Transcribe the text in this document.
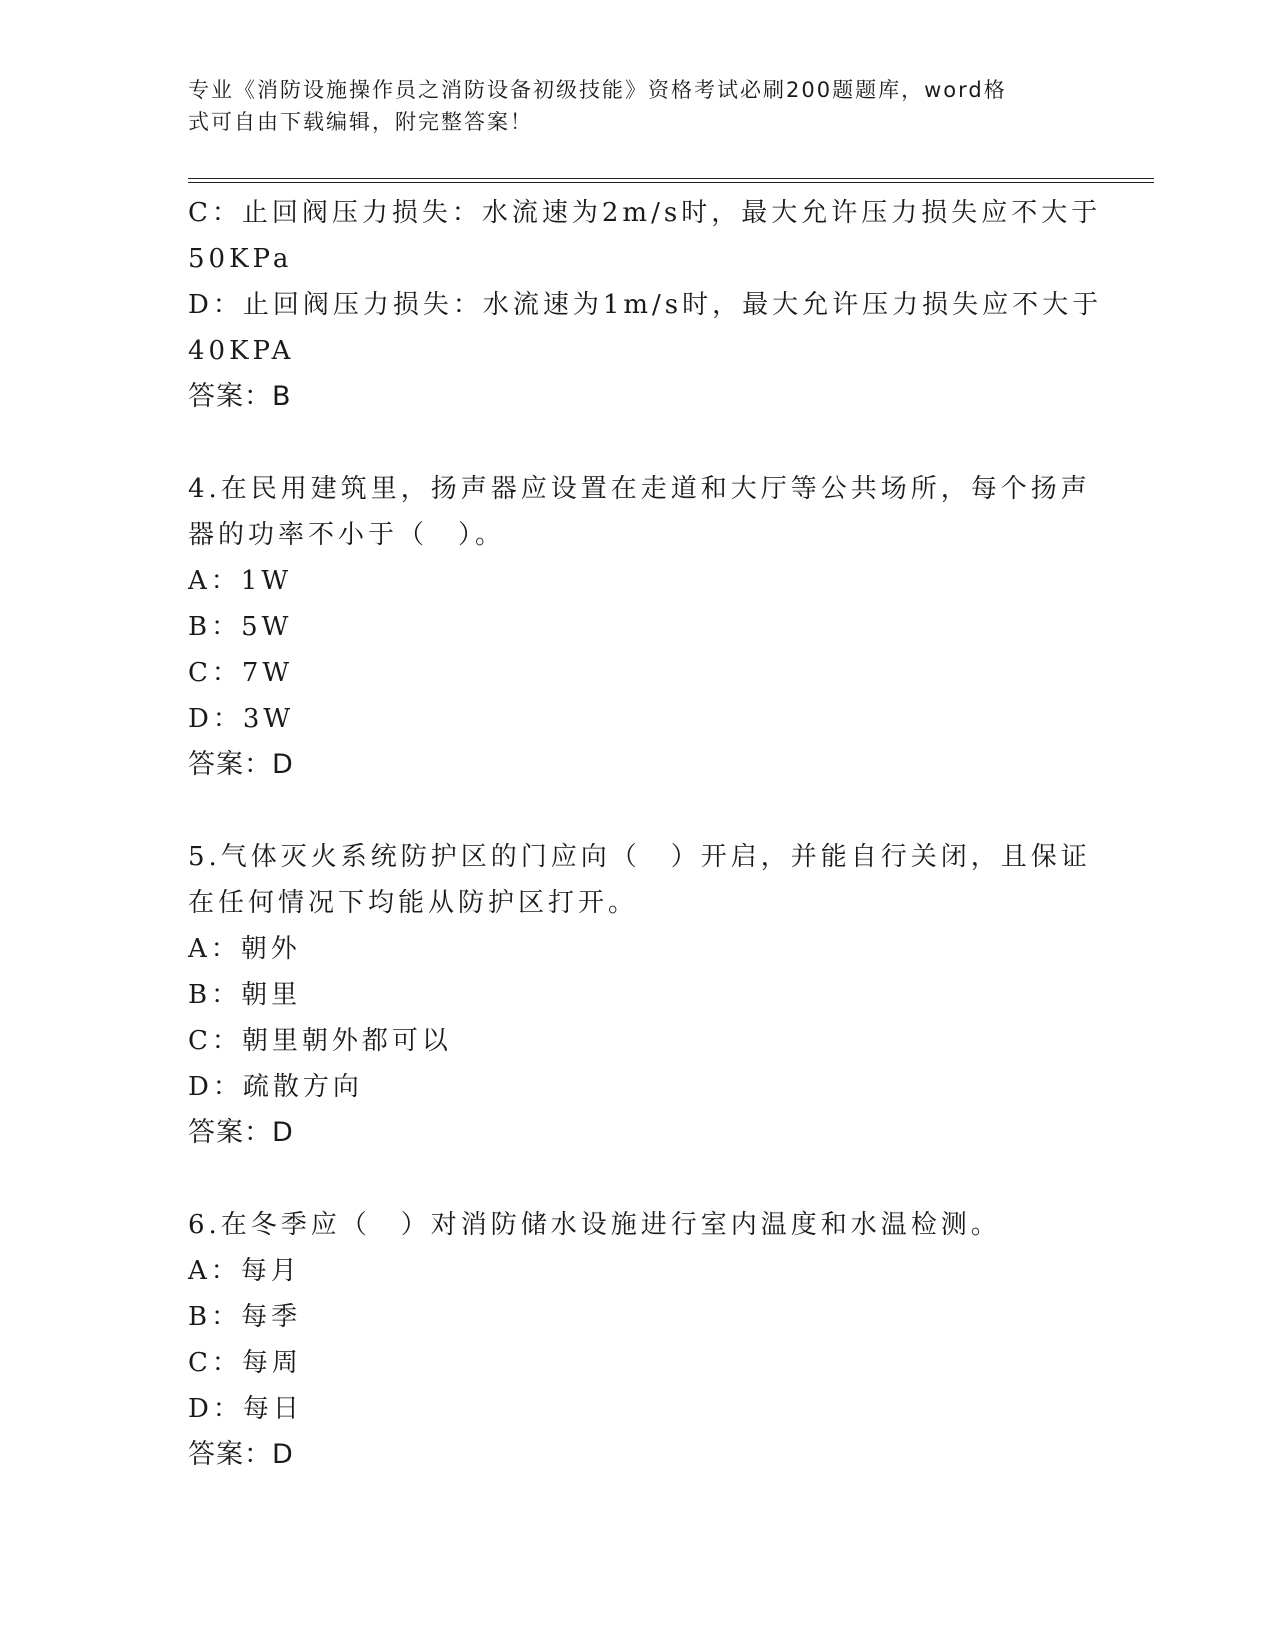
专业《消防设施操作员之消防设备初级技能》资格考试必刷200题题库，word格
式可自由下载编辑，附完整答案！
C：止回阀压力损失：水流速为2m/s时，最大允许压力损失应不大于
50KPa
D：止回阀压力损失：水流速为1m/s时，最大允许压力损失应不大于
40KPA
答案：B
4.在民用建筑里，扬声器应设置在走道和大厅等公共场所，每个扬声
器的功率不小于（　）。
A：1W
B：5W
C：7W
D：3W
答案：D
5.气体灭火系统防护区的门应向（　）开启，并能自行关闭，且保证
在任何情况下均能从防护区打开。
A：朝外
B：朝里
C：朝里朝外都可以
D：疏散方向
答案：D
6.在冬季应（　）对消防储水设施进行室内温度和水温检测。
A：每月
B：每季
C：每周
D：每日
答案：D
